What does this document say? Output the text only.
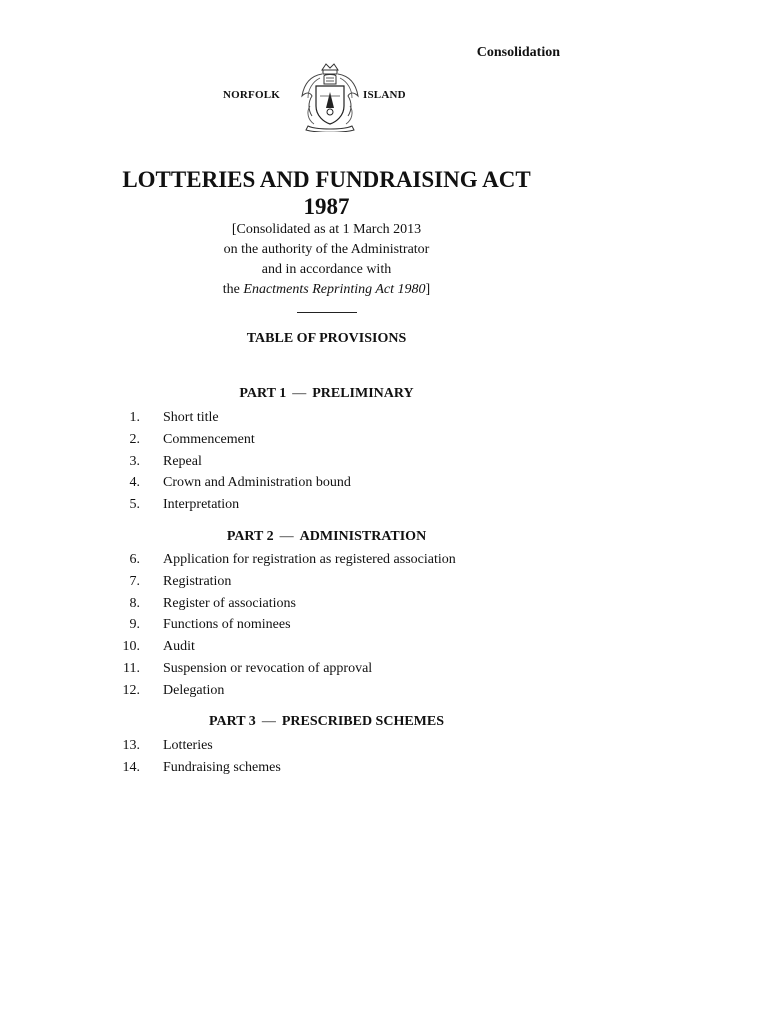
Consolidation
NORFOLK	ISLAND
LOTTERIES AND FUNDRAISING ACT
1987
[Consolidated as at 1 March 2013
on the authority of the Administrator
and in accordance with
the Enactments Reprinting Act 1980]
TABLE OF PROVISIONS
PART 1 — PRELIMINARY
1. Short title
2. Commencement
3. Repeal
4. Crown and Administration bound
5. Interpretation
PART 2 — ADMINISTRATION
6. Application for registration as registered association
7. Registration
8. Register of associations
9. Functions of nominees
10. Audit
11. Suspension or revocation of approval
12. Delegation
PART 3 — PRESCRIBED SCHEMES
13. Lotteries
14. Fundraising schemes
